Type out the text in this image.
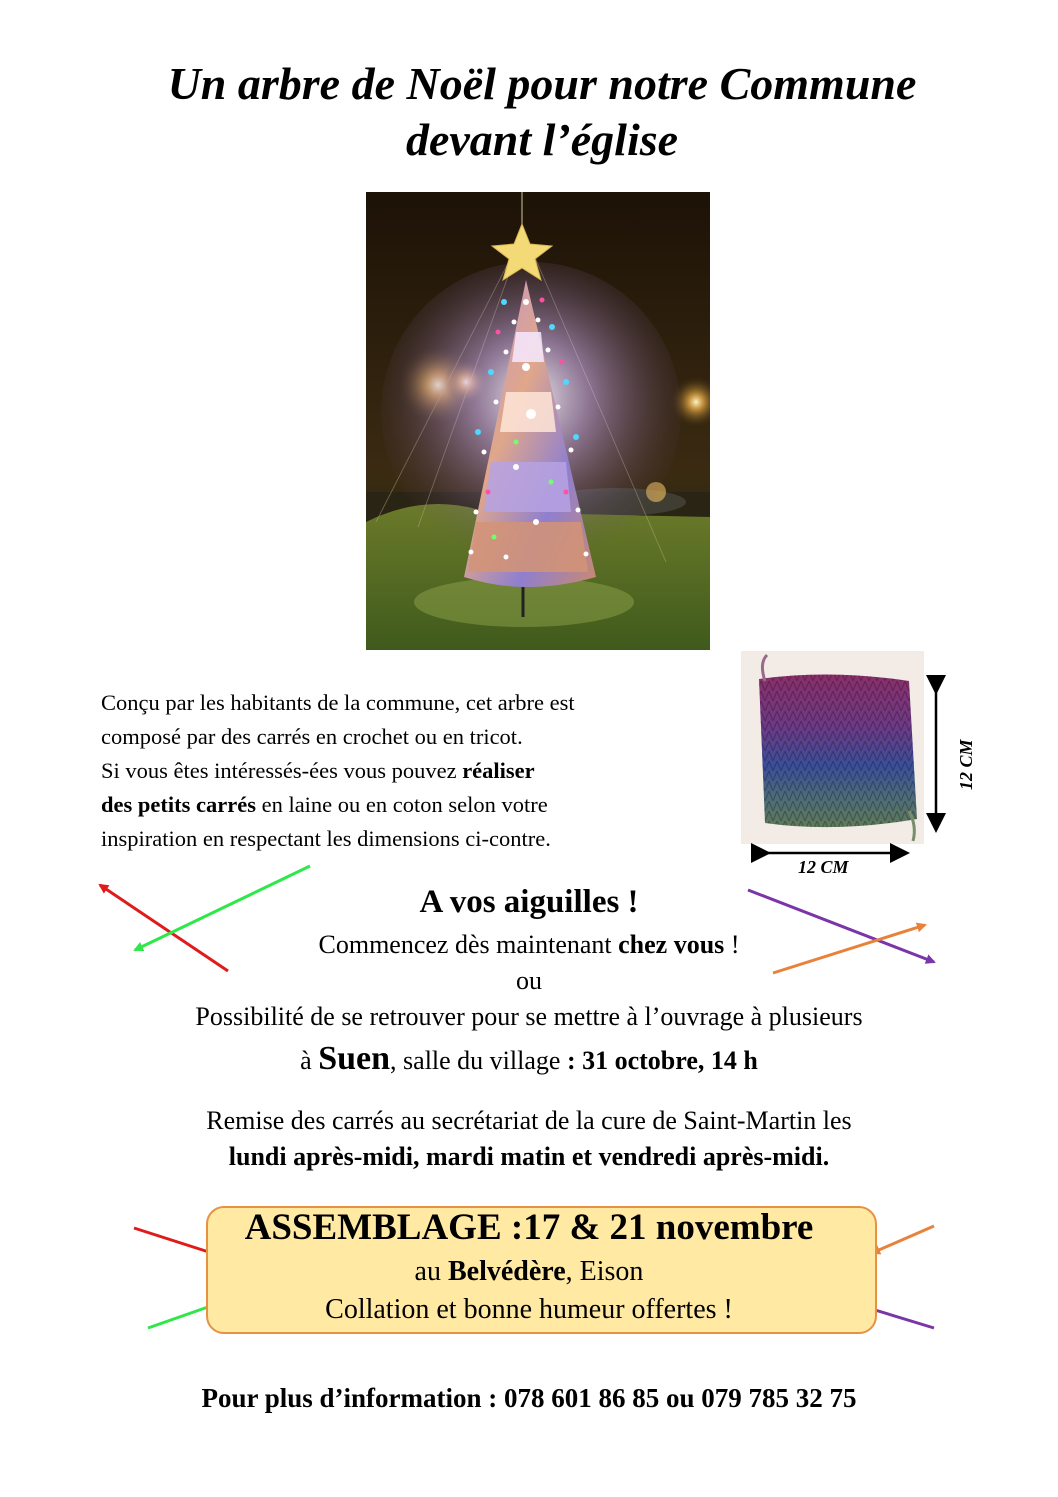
Un arbre de Noël pour notre Commune
devant l’église
12 CM
12 CM
Conçu par les habitants de la commune, cet arbre est
composé par des carrés en crochet ou en tricot.
Si vous êtes intéressés-ées vous pouvez réaliser
des petits carrés en laine ou en coton selon votre
inspiration en respectant les dimensions ci-contre.
A vos aiguilles !
Commencez dès maintenant chez vous !
ou
Possibilité de se retrouver pour se mettre à l’ouvrage à plusieurs
à Suen, salle du village : 31 octobre, 14 h
Remise des carrés au secrétariat de la cure de Saint-Martin les
lundi après-midi, mardi matin et vendredi après-midi.
ASSEMBLAGE :17 & 21 novembre
au Belvédère, Eison
Collation et bonne humeur offertes !
Pour plus d’information : 078 601 86 85 ou 079 785 32 75
